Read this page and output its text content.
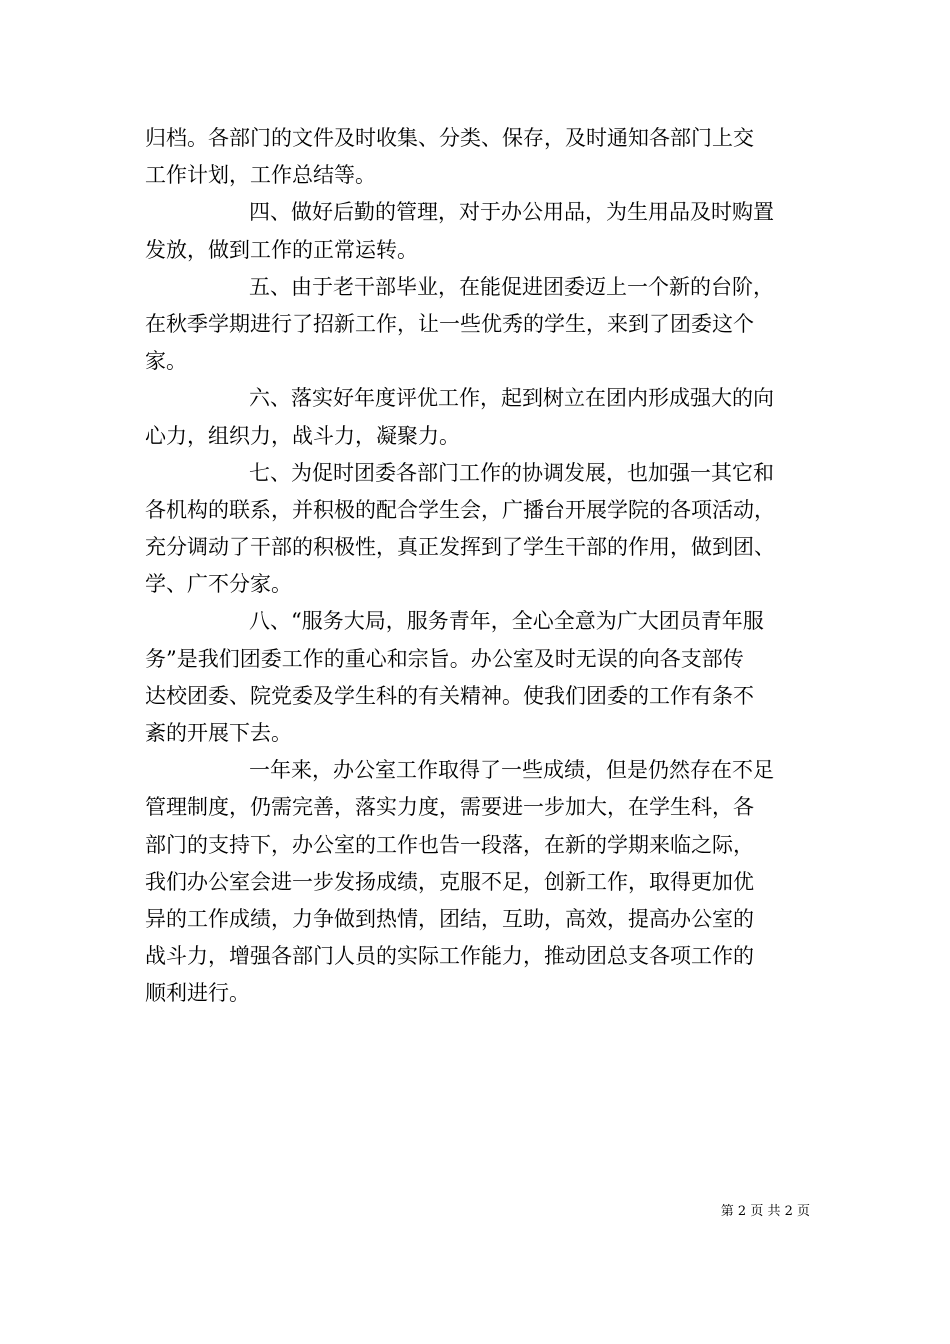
归档。各部门的文件及时收集、分类、保存，及时通知各部门上交
工作计划，工作总结等。
四、做好后勤的管理，对于办公用品，为生用品及时购置
发放，做到工作的正常运转。
五、由于老干部毕业，在能促进团委迈上一个新的台阶，
在秋季学期进行了招新工作，让一些优秀的学生，来到了团委这个
家。
六、落实好年度评优工作，起到树立在团内形成强大的向
心力，组织力，战斗力，凝聚力。
七、为促时团委各部门工作的协调发展，也加强一其它和
各机构的联系，并积极的配合学生会，广播台开展学院的各项活动，
充分调动了干部的积极性，真正发挥到了学生干部的作用，做到团、
学、广不分家。
八、“服务大局，服务青年，全心全意为广大团员青年服
务”是我们团委工作的重心和宗旨。办公室及时无误的向各支部传
达校团委、院党委及学生科的有关精神。使我们团委的工作有条不
紊的开展下去。
一年来，办公室工作取得了一些成绩，但是仍然存在不足
管理制度，仍需完善，落实力度，需要进一步加大，在学生科，各
部门的支持下，办公室的工作也告一段落，在新的学期来临之际，
我们办公室会进一步发扬成绩，克服不足，创新工作，取得更加优
异的工作成绩，力争做到热情，团结，互助，高效，提高办公室的
战斗力，增强各部门人员的实际工作能力，推动团总支各项工作的
顺利进行。
第 2 页 共 2 页
